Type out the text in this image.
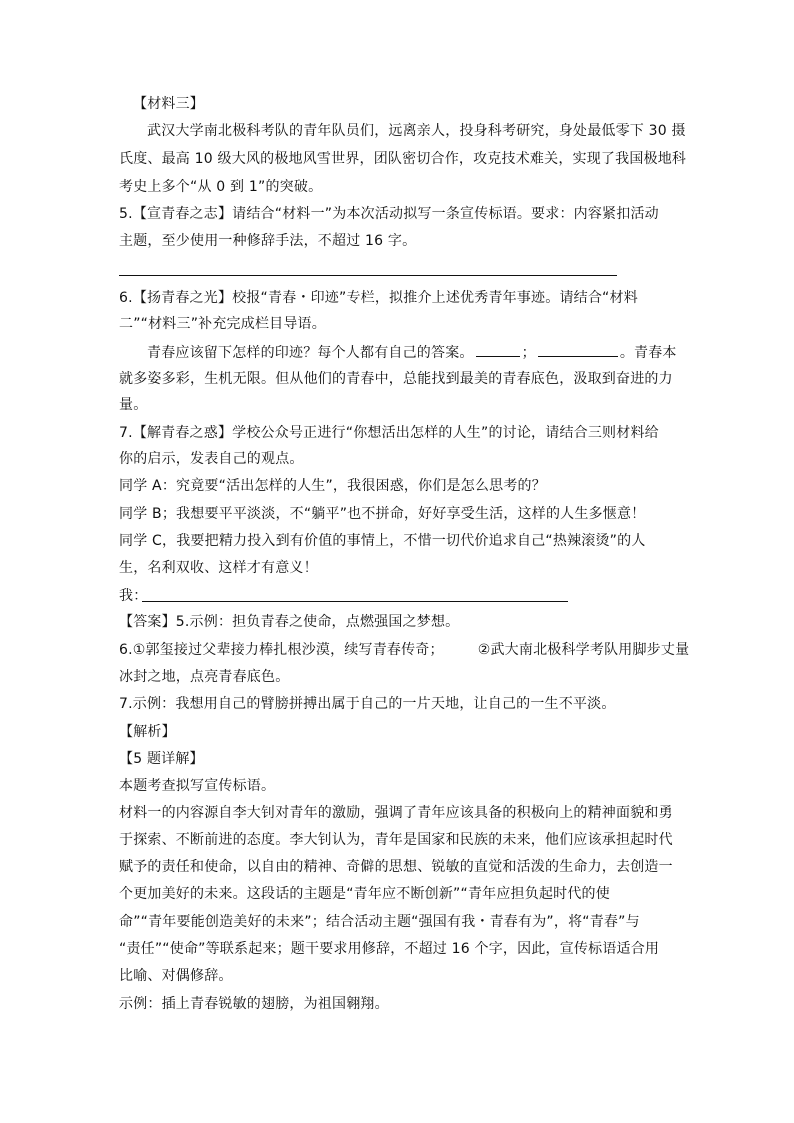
【材料三】
武汉大学南北极科考队的青年队员们，远离亲人，投身科考研究，身处最低零下 30 摄
氏度、最高 10 级大风的极地风雪世界，团队密切合作，攻克技术难关，实现了我国极地科
考史上多个“从 0 到 1”的突破。
5.【宣青春之志】请结合“材料一”为本次活动拟写一条宣传标语。要求：内容紧扣活动
主题，至少使用一种修辞手法，不超过 16 字。
6.【扬青春之光】校报“青春・印迹”专栏，拟推介上述优秀青年事迹。请结合“材料
二”“材料三”补充完成栏目导语。
青春应该留下怎样的印迹？每个人都有自己的答案。	；	。青春本
就多姿多彩，生机无限。但从他们的青春中，总能找到最美的青春底色，汲取到奋进的力
量。
7.【解青春之惑】学校公众号正进行“你想活出怎样的人生”的讨论，请结合三则材料给
你的启示，发表自己的观点。
同学 A：究竟要“活出怎样的人生”，我很困惑，你们是怎么思考的？
同学 B；我想要平平淡淡，不“躺平”也不拼命，好好享受生活，这样的人生多惬意！
同学 C，我要把精力投入到有价值的事情上，不惜一切代价追求自己“热辣滚烫”的人
生，名利双收、这样才有意义！
我：
【答案】5.示例：担负青春之使命，点燃强国之梦想。
6.①郭玺接过父辈接力棒扎根沙漠，续写青春传奇； ②武大南北极科学考队用脚步丈量
冰封之地，点亮青春底色。
7.示例：我想用自己的臂膀拼搏出属于自己的一片天地，让自己的一生不平淡。
【解析】
【5 题详解】
本题考查拟写宣传标语。
材料一的内容源自李大钊对青年的激励，强调了青年应该具备的积极向上的精神面貌和勇
于探索、不断前进的态度。李大钊认为，青年是国家和民族的未来，他们应该承担起时代
赋予的责任和使命，以自由的精神、奇僻的思想、锐敏的直觉和活泼的生命力，去创造一
个更加美好的未来。这段话的主题是“青年应不断创新”“青年应担负起时代的使
命”“青年要能创造美好的未来”；结合活动主题“强国有我・青春有为”，将“青春”与
“责任”“使命”等联系起来；题干要求用修辞，不超过 16 个字，因此，宣传标语适合用
比喻、对偶修辞。
示例：插上青春锐敏的翅膀，为祖国翱翔。
